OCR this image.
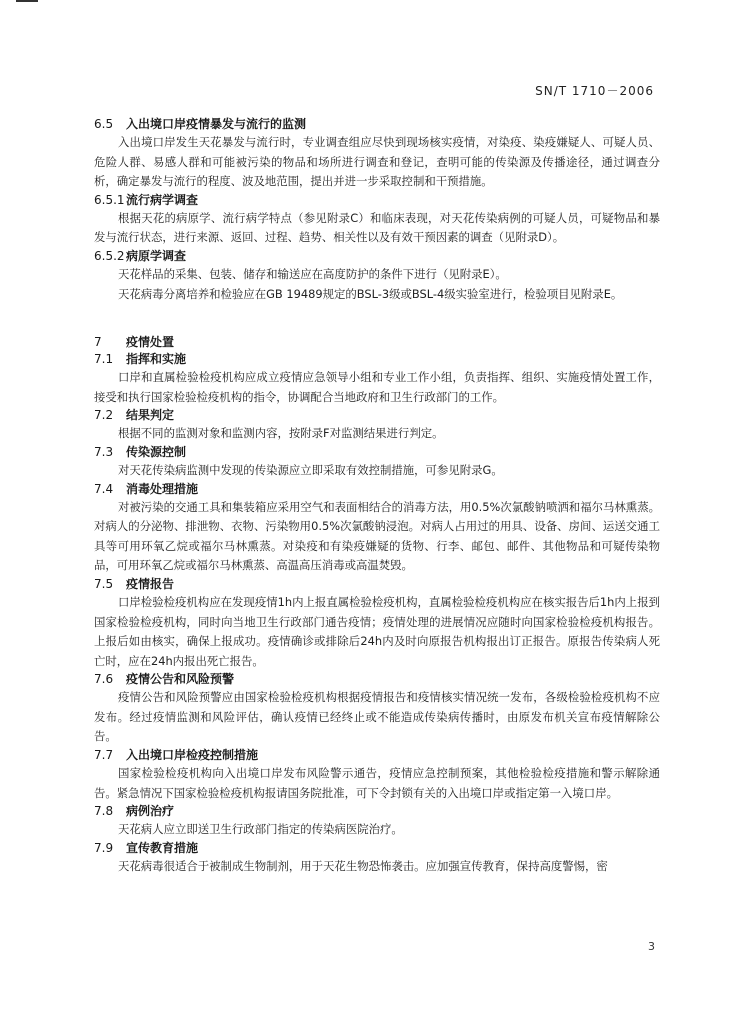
SN/T 1710－2006
6.5 入出境口岸疫情暴发与流行的监测
入出境口岸发生天花暴发与流行时，专业调查组应尽快到现场核实疫情，对染疫、染疫嫌疑人、可疑人员、危险人群、易感人群和可能被污染的物品和场所进行调查和登记，查明可能的传染源及传播途径，通过调查分析，确定暴发与流行的程度、波及地范围，提出并进一步采取控制和干预措施。
6.5.1流行病学调查
根据天花的病原学、流行病学特点（参见附录C）和临床表现，对天花传染病例的可疑人员，可疑物品和暴发与流行状态，进行来源、返回、过程、趋势、相关性以及有效干预因素的调查（见附录D）。
6.5.2病原学调查
天花样品的采集、包装、储存和输送应在高度防护的条件下进行（见附录E）。
天花病毒分离培养和检验应在GB 19489规定的BSL-3级或BSL-4级实验室进行，检验项目见附录E。
7 疫情处置
7.1 指挥和实施
口岸和直属检验检疫机构应成立疫情应急领导小组和专业工作小组，负责指挥、组织、实施疫情处置工作，接受和执行国家检验检疫机构的指令，协调配合当地政府和卫生行政部门的工作。
7.2 结果判定
根据不同的监测对象和监测内容，按附录F对监测结果进行判定。
7.3 传染源控制
对天花传染病监测中发现的传染源应立即采取有效控制措施，可参见附录G。
7.4 消毒处理措施
对被污染的交通工具和集装箱应采用空气和表面相结合的消毒方法，用0.5%次氯酸钠喷洒和福尔马林熏蒸。对病人的分泌物、排泄物、衣物、污染物用0.5%次氯酸钠浸泡。对病人占用过的用具、设备、房间、运送交通工具等可用环氧乙烷或福尔马林熏蒸。对染疫和有染疫嫌疑的货物、行李、邮包、邮件、其他物品和可疑传染物品，可用环氧乙烷或福尔马林熏蒸、高温高压消毒或高温焚毁。
7.5 疫情报告
口岸检验检疫机构应在发现疫情1h内上报直属检验检疫机构，直属检验检疫机构应在核实报告后1h内上报到国家检验检疫机构，同时向当地卫生行政部门通告疫情；疫情处理的进展情况应随时向国家检验检疫机构报告。上报后如由核实，确保上报成功。疫情确诊或排除后24h内及时向原报告机构报出订正报告。原报告传染病人死亡时，应在24h内报出死亡报告。
7.6 疫情公告和风险预警
疫情公告和风险预警应由国家检验检疫机构根据疫情报告和疫情核实情况统一发布，各级检验检疫机构不应发布。经过疫情监测和风险评估，确认疫情已经终止或不能造成传染病传播时，由原发布机关宣布疫情解除公告。
7.7 入出境口岸检疫控制措施
国家检验检疫机构向入出境口岸发布风险警示通告，疫情应急控制预案，其他检验检疫措施和警示解除通告。紧急情况下国家检验检疫机构报请国务院批准，可下令封锁有关的入出境口岸或指定第一入境口岸。
7.8 病例治疗
天花病人应立即送卫生行政部门指定的传染病医院治疗。
7.9 宣传教育措施
天花病毒很适合于被制成生物制剂，用于天花生物恐怖袭击。应加强宣传教育，保持高度警惕，密
3
